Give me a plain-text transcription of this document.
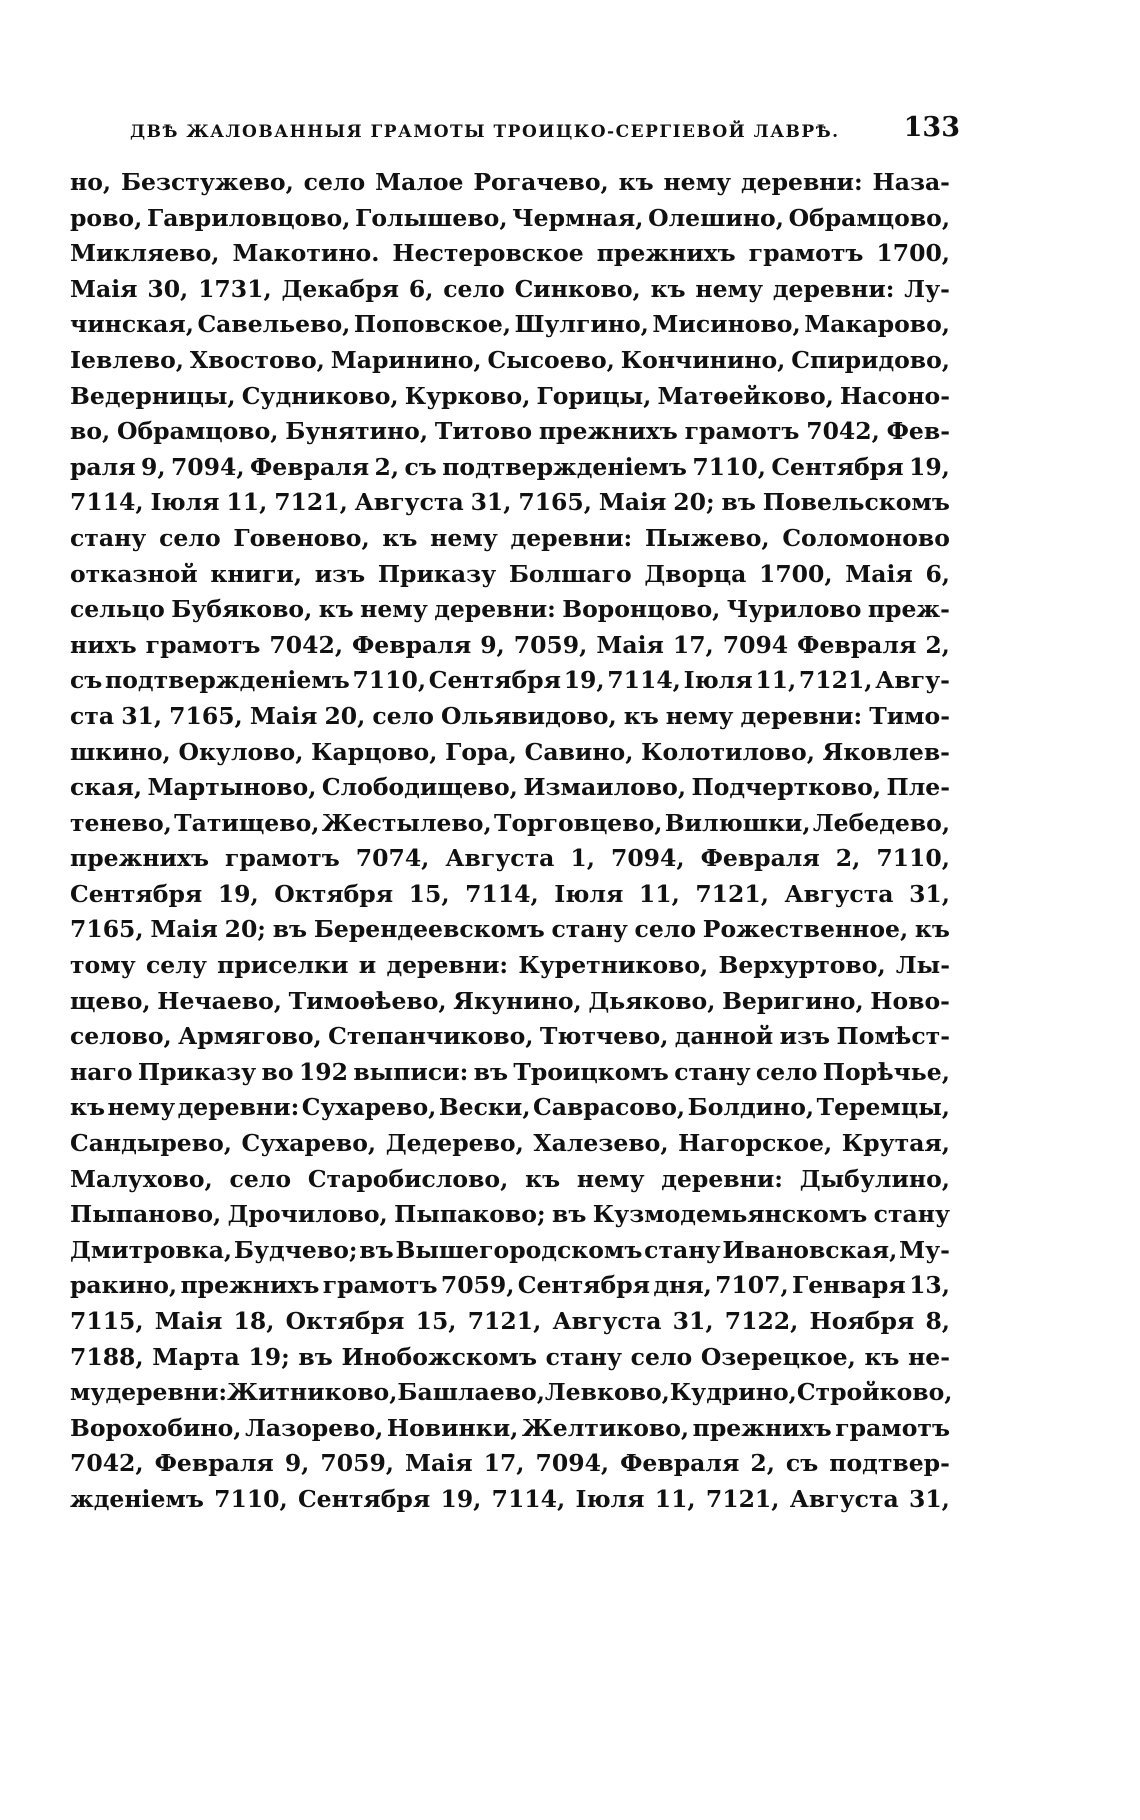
ДВѢ ЖАЛОВАННЫЯ ГРАМОТЫ ТРОИЦКО-СЕРГІЕВОЙ ЛАВРѢ. 133
но, Безстужево, село Малое Рогачево, къ нему деревни: Наза-
рово, Гавриловцово, Голышево, Чермная, Олешино, Обрамцово,
Микляево, Макотино. Нестеровское прежнихъ грамотъ 1700,
Маія 30, 1731, Декабря 6, село Синково, къ нему деревни: Лу-
чинская, Савельево, Поповское, Шулгино, Мисиново, Макарово,
Іевлево, Хвостово, Маринино, Сысоево, Кончинино, Спиридово,
Ведерницы, Судниково, Курково, Горицы, Матѳейково, Насоно-
во, Обрамцово, Бунятино, Титово прежнихъ грамотъ 7042, Фев-
раля 9, 7094, Февраля 2, съ подтвержденіемъ 7110, Сентября 19,
7114, Іюля 11, 7121, Августа 31, 7165, Маія 20; въ Повельскомъ
стану село Говеново, къ нему деревни: Пыжево, Соломоново
отказной книги, изъ Приказу Болшаго Дворца 1700, Маія 6,
сельцо Бубяково, къ нему деревни: Воронцово, Чуриловo преж-
нихъ грамотъ 7042, Февраля 9, 7059, Маія 17, 7094 Февраля 2,
съ подтвержденіемъ 7110, Сентября 19, 7114, Іюля 11, 7121, Авгу-
ста 31, 7165, Маія 20, село Ольявидово, къ нему деревни: Тимо-
шкино, Окулово, Карцово, Гора, Савино, Колотилово, Яковлев-
ская, Мартыново, Слободищево, Измаилово, Подчертково, Пле-
тенево, Татищево, Жестылево, Торговцево, Вилюшки, Лебедево,
прежнихъ грамотъ 7074, Августа 1, 7094, Февраля 2, 7110,
Сентября 19, Октября 15, 7114, Іюля 11, 7121, Августа 31,
7165, Маія 20; въ Берендеевскомъ стану село Рожественное, къ
тому селу приселки и деревни: Куретниково, Верхуртово, Лы-
щево, Нечаево, Тимоѳѣево, Якунино, Дьяково, Веригино, Ново-
селово, Армягово, Степанчиково, Тютчево, данной изъ Помѣст-
наго Приказу во 192 выписи: въ Троицкомъ стану село Порѣчье,
къ нему деревни: Сухарево, Вески, Саврасово, Болдино, Теремцы,
Сандырево, Сухарево, Дедерево, Халезево, Нагорское, Крутая,
Малухово, село Старобислово, къ нему деревни: Дыбулино,
Пыпаново, Дрочилово, Пыпаково; въ Кузмодемьянскомъ стану
Дмитровка, Будчево; въ Вышегородскомъ стану Ивановская, Му-
ракино, прежнихъ грамотъ 7059, Сентября дня, 7107, Генваря 13,
7115, Маія 18, Октября 15, 7121, Августа 31, 7122, Ноября 8,
7188, Марта 19; въ Инобожскомъ стану село Озерецкое, къ не-
му деревни: Житниково, Башлаево, Левково, Кудрино, Стройково,
Ворохобино, Лазорево, Новинки, Желтиково, прежнихъ грамотъ
7042, Февраля 9, 7059, Маія 17, 7094, Февраля 2, съ подтвер-
жденіемъ 7110, Сентября 19, 7114, Іюля 11, 7121, Августа 31,
